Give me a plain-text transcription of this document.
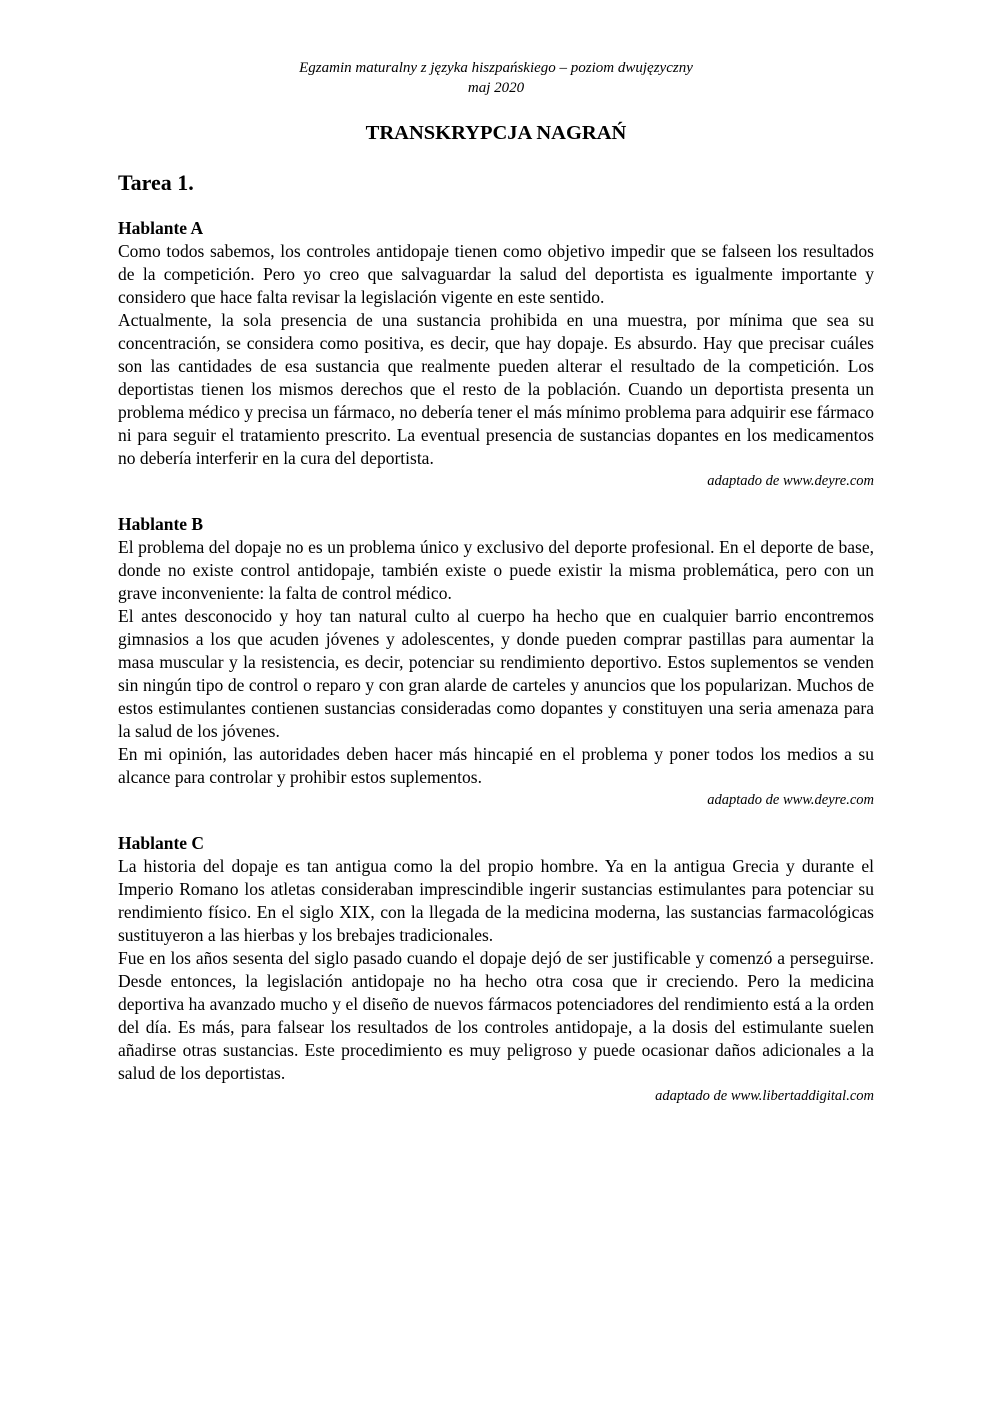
Egzamin maturalny z języka hiszpańskiego – poziom dwujęzyczny
maj 2020
TRANSKRYPCJA NAGRAŃ
Tarea 1.
Hablante A

Como todos sabemos, los controles antidopaje tienen como objetivo impedir que se falseen los resultados de la competición. Pero yo creo que salvaguardar la salud del deportista es igualmente importante y considero que hace falta revisar la legislación vigente en este sentido.

Actualmente, la sola presencia de una sustancia prohibida en una muestra, por mínima que sea su concentración, se considera como positiva, es decir, que hay dopaje. Es absurdo. Hay que precisar cuáles son las cantidades de esa sustancia que realmente pueden alterar el resultado de la competición. Los deportistas tienen los mismos derechos que el resto de la población. Cuando un deportista presenta un problema médico y precisa un fármaco, no debería tener el más mínimo problema para adquirir ese fármaco ni para seguir el tratamiento prescrito. La eventual presencia de sustancias dopantes en los medicamentos no debería interferir en la cura del deportista.

adaptado de www.deyre.com
Hablante B

El problema del dopaje no es un problema único y exclusivo del deporte profesional. En el deporte de base, donde no existe control antidopaje, también existe o puede existir la misma problemática, pero con un grave inconveniente: la falta de control médico.

El antes desconocido y hoy tan natural culto al cuerpo ha hecho que en cualquier barrio encontremos gimnasios a los que acuden jóvenes y adolescentes, y donde pueden comprar pastillas para aumentar la masa muscular y la resistencia, es decir, potenciar su rendimiento deportivo. Estos suplementos se venden sin ningún tipo de control o reparo y con gran alarde de carteles y anuncios que los popularizan. Muchos de estos estimulantes contienen sustancias consideradas como dopantes y constituyen una seria amenaza para la salud de los jóvenes.

En mi opinión, las autoridades deben hacer más hincapié en el problema y poner todos los medios a su alcance para controlar y prohibir estos suplementos.

adaptado de www.deyre.com
Hablante C

La historia del dopaje es tan antigua como la del propio hombre. Ya en la antigua Grecia y durante el Imperio Romano los atletas consideraban imprescindible ingerir sustancias estimulantes para potenciar su rendimiento físico. En el siglo XIX, con la llegada de la medicina moderna, las sustancias farmacológicas sustituyeron a las hierbas y los brebajes tradicionales.

Fue en los años sesenta del siglo pasado cuando el dopaje dejó de ser justificable y comenzó a perseguirse. Desde entonces, la legislación antidopaje no ha hecho otra cosa que ir creciendo. Pero la medicina deportiva ha avanzado mucho y el diseño de nuevos fármacos potenciadores del rendimiento está a la orden del día. Es más, para falsear los resultados de los controles antidopaje, a la dosis del estimulante suelen añadirse otras sustancias. Este procedimiento es muy peligroso y puede ocasionar daños adicionales a la salud de los deportistas.

adaptado de www.libertaddigital.com
